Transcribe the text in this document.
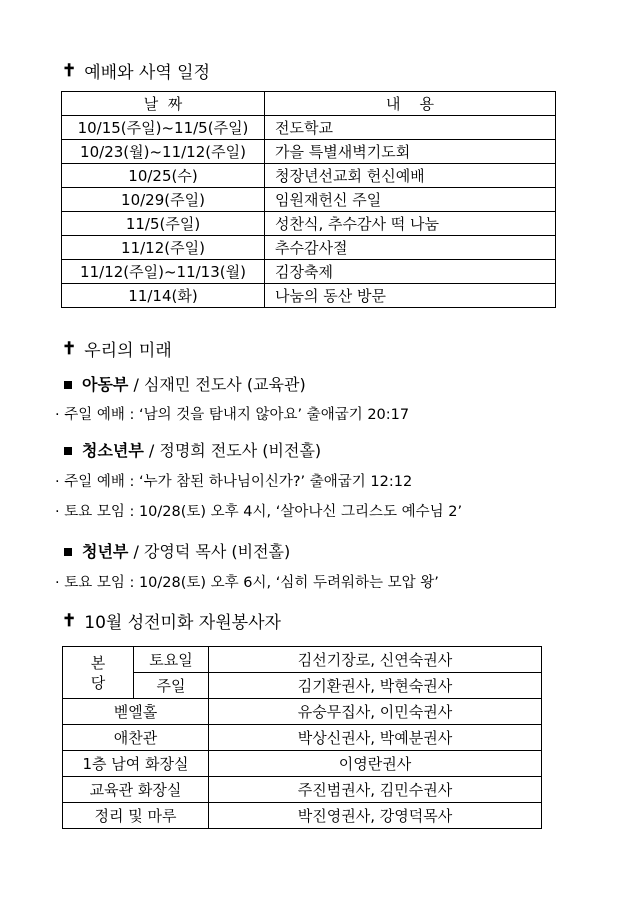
✝ 예배와 사역 일정
날  짜	내    용
10/15(주일)~11/5(주일)	전도학교
10/23(월)~11/12(주일)	가을 특별새벽기도회
10/25(수)	청장년선교회 헌신예배
10/29(주일)	임원재헌신 주일
11/5(주일)	성찬식, 추수감사 떡 나눔
11/12(주일)	추수감사절
11/12(주일)~11/13(월)	김장축제
11/14(화)	나눔의 동산 방문
✝ 우리의 미래
아동부 / 심재민 전도사 (교육관)
· 주일 예배 : ‘남의 것을 탐내지 않아요’ 출애굽기 20:17
청소년부 / 정명희 전도사 (비전홀)
· 주일 예배 : ‘누가 참된 하나님이신가?’ 출애굽기 12:12
· 토요 모임 : 10/28(토) 오후 4시, ‘살아나신 그리스도 예수님 2’
청년부 / 강영덕 목사 (비전홀)
· 토요 모임 : 10/28(토) 오후 6시, ‘심히 두려워하는 모압 왕’
✝ 10월 성전미화 자원봉사자
본
당	토요일	김선기장로, 신연숙권사
	주일	김기환권사, 박현숙권사
벧엘홀		유숭무집사, 이민숙권사
애찬관		박상신권사, 박예분권사
1층 남여 화장실		이영란권사
교육관 화장실		주진범권사, 김민수권사
정리 및 마루		박진영권사, 강영덕목사
